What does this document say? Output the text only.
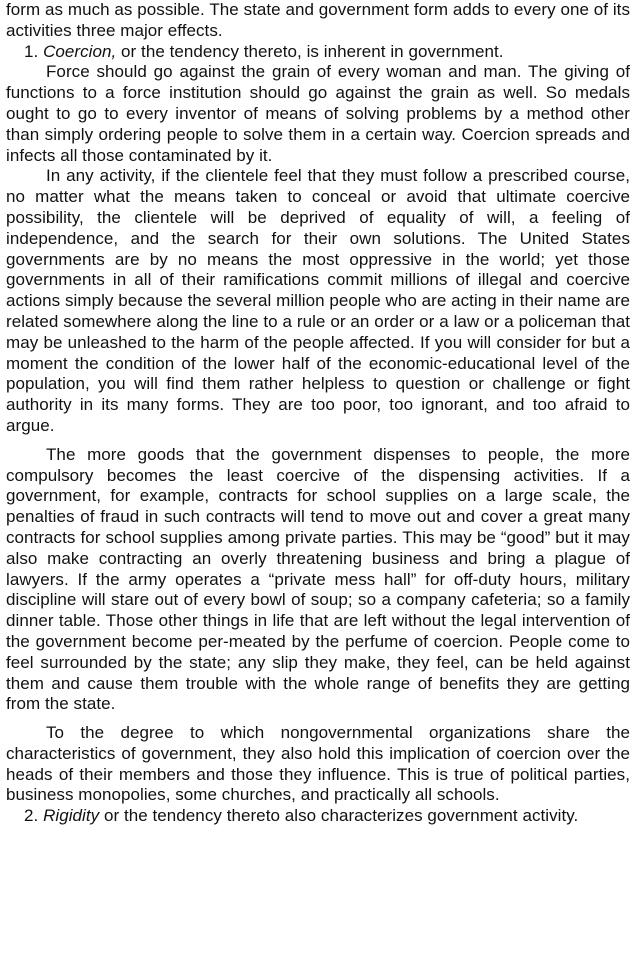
form as much as possible. The state and government form adds to every one of its activities three major effects.

1. Coercion, or the tendency thereto, is inherent in government.

Force should go against the grain of every woman and man. The giving of functions to a force institution should go against the grain as well. So medals ought to go to every inventor of means of solving problems by a method other than simply ordering people to solve them in a certain way. Coercion spreads and infects all those contaminated by it.

In any activity, if the clientele feel that they must follow a prescribed course, no matter what the means taken to conceal or avoid that ultimate coercive possibility, the clientele will be deprived of equality of will, a feeling of independence, and the search for their own solutions. The United States governments are by no means the most oppressive in the world; yet those governments in all of their ramifications commit millions of illegal and coercive actions simply because the several million people who are acting in their name are related somewhere along the line to a rule or an order or a law or a policeman that may be unleashed to the harm of the people affected. If you will consider for but a moment the condition of the lower half of the economic-educational level of the population, you will find them rather helpless to question or challenge or fight authority in its many forms. They are too poor, too ignorant, and too afraid to argue.

The more goods that the government dispenses to people, the more compulsory becomes the least coercive of the dispensing activities. If a government, for example, contracts for school supplies on a large scale, the penalties of fraud in such contracts will tend to move out and cover a great many contracts for school supplies among private parties. This may be “good” but it may also make contracting an overly threatening business and bring a plague of lawyers. If the army operates a “private mess hall” for off-duty hours, military discipline will stare out of every bowl of soup; so a company cafeteria; so a family dinner table. Those other things in life that are left without the legal intervention of the government become per-meated by the perfume of coercion. People come to feel surrounded by the state; any slip they make, they feel, can be held against them and cause them trouble with the whole range of benefits they are getting from the state.

To the degree to which nongovernmental organizations share the characteristics of government, they also hold this implication of coercion over the heads of their members and those they influence. This is true of political parties, business monopolies, some churches, and practically all schools.

2. Rigidity or the tendency thereto also characterizes government activity.
